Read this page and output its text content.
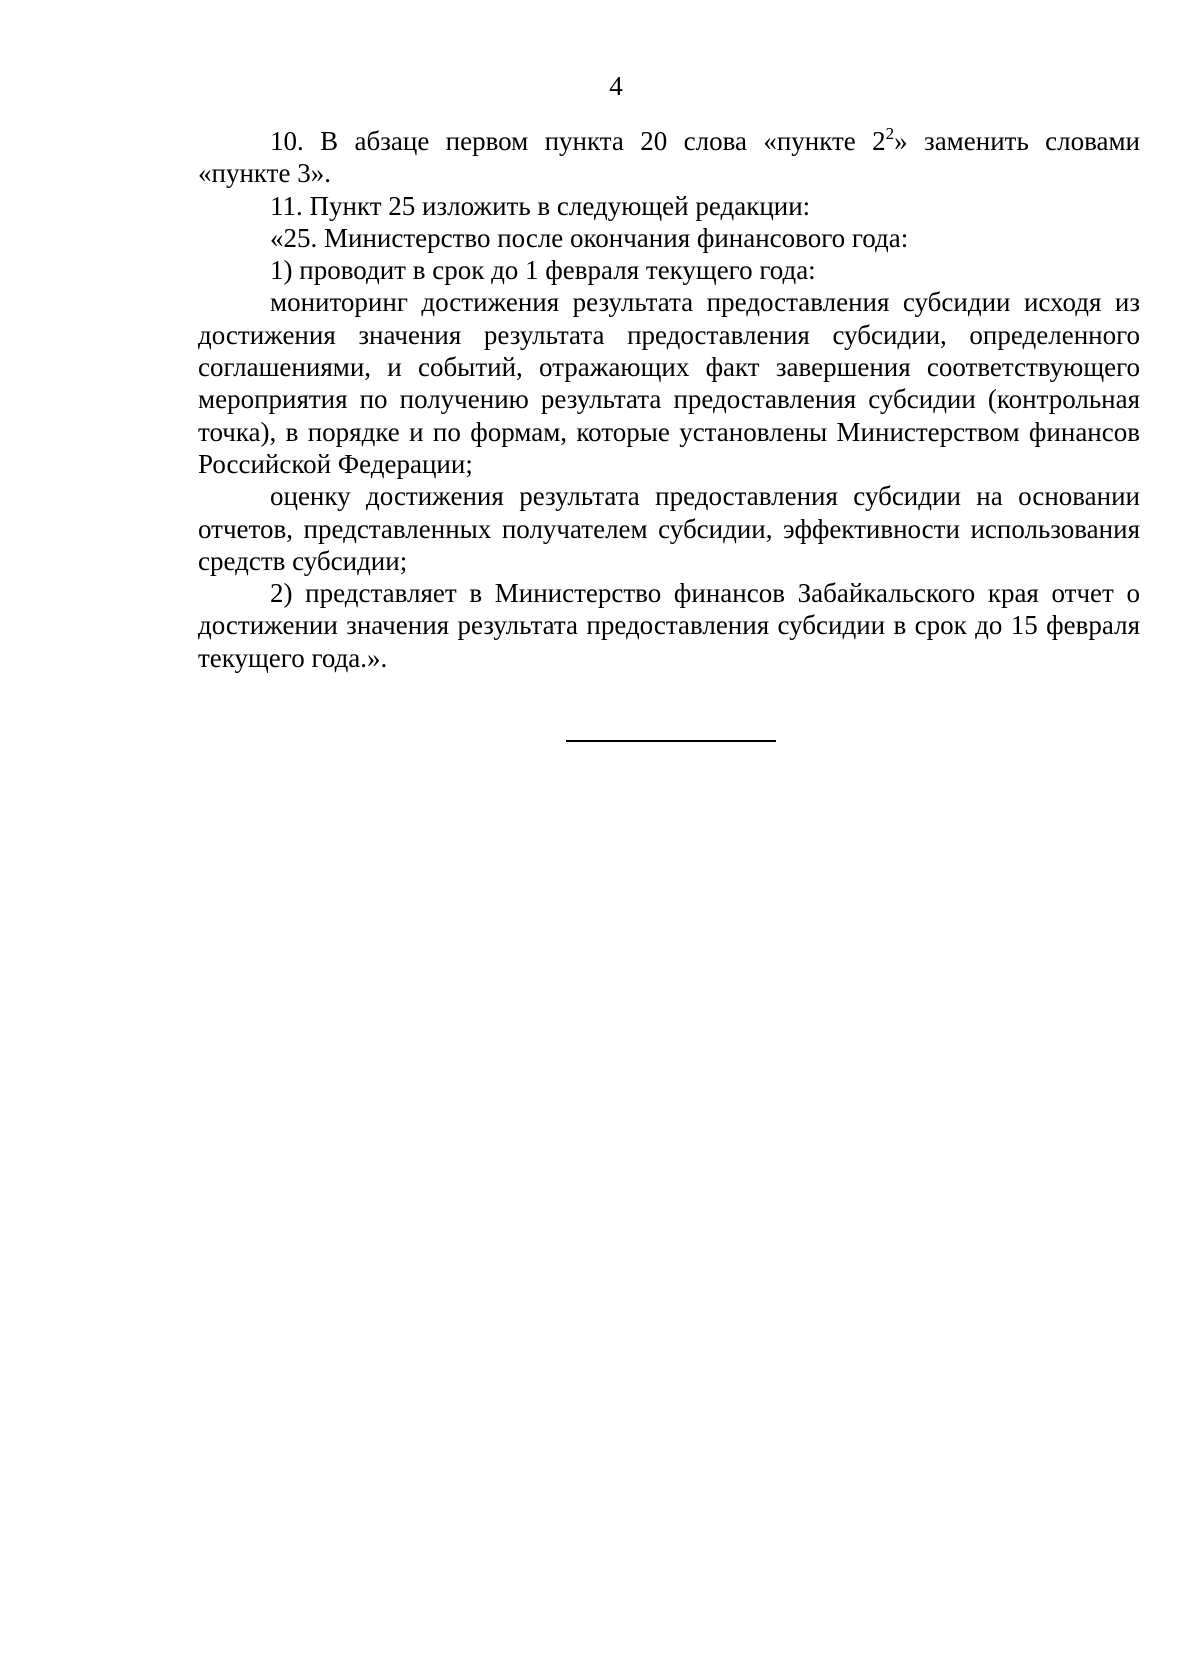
4

10. В абзаце первом пункта 20 слова «пункте $2^2$» заменить словами «пункте 3».

11. Пункт 25 изложить в следующей редакции:

«25. Министерство после окончания финансового года:

1) проводит в срок до 1 февраля текущего года:

мониторинг достижения результата предоставления субсидии исходя из достижения значения результата предоставления субсидии, определенного соглашениями, и событий, отражающих факт завершения соответствующего мероприятия по получению результата предоставления субсидии (контрольная точка), в порядке и по формам, которые установлены Министерством финансов Российской Федерации;

оценку достижения результата предоставления субсидии на основании отчетов, представленных получателем субсидии, эффективности использования средств субсидии;

2) представляет в Министерство финансов Забайкальского края отчет о достижении значения результата предоставления субсидии в срок до 15 февраля текущего года.».
